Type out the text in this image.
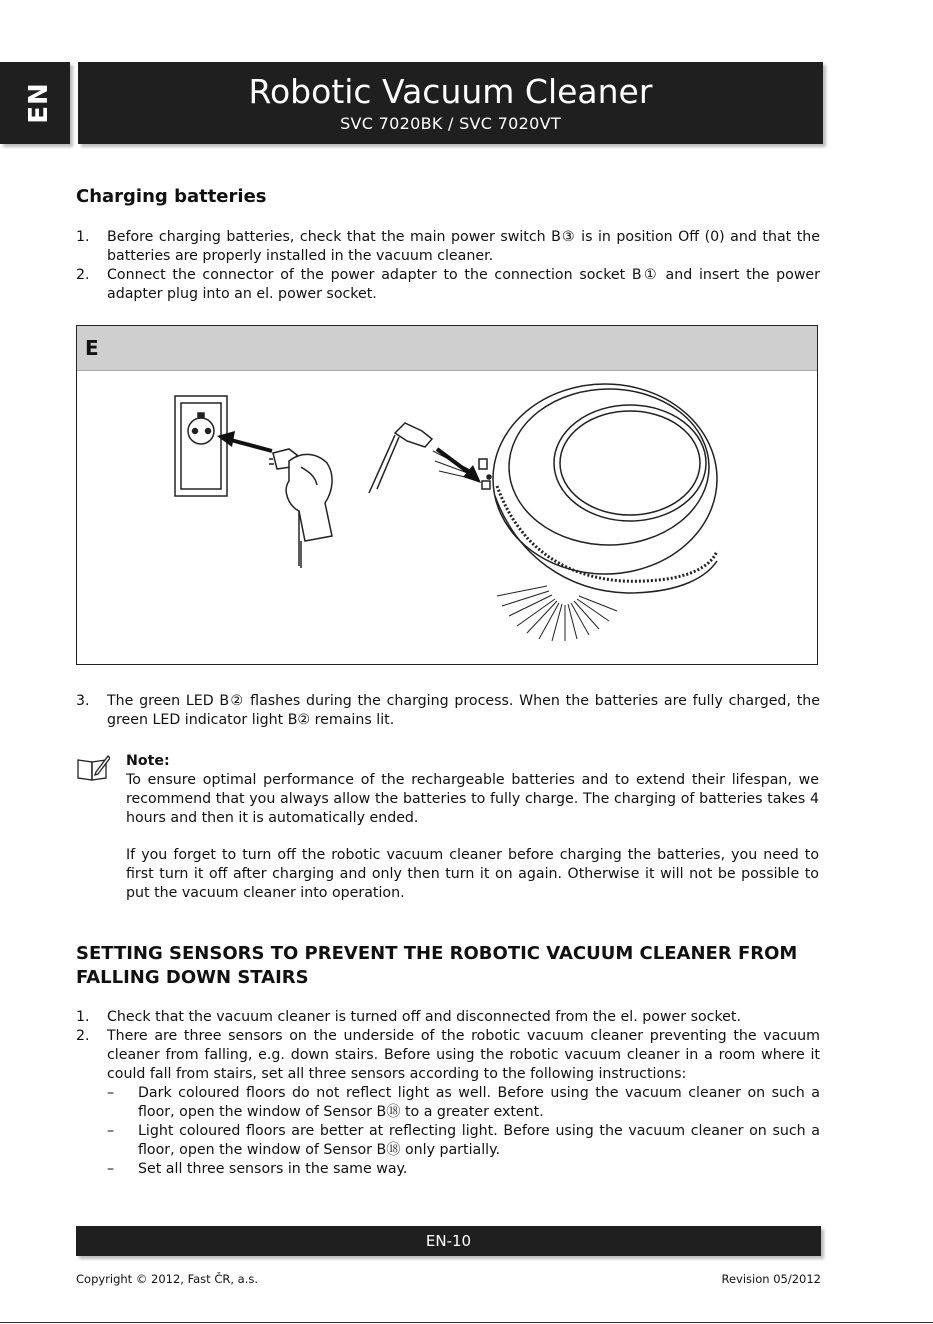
EN	Robotic Vacuum Cleaner
SVC 7020BK / SVC 7020VT
Charging batteries
1. Before charging batteries, check that the main power switch B③ is in position Off (0) and that the batteries are properly installed in the vacuum cleaner.
2. Connect the connector of the power adapter to the connection socket B① and insert the power adapter plug into an el. power socket.
E
3. The green LED B② flashes during the charging process. When the batteries are fully charged, the green LED indicator light B② remains lit.
Note:

To ensure optimal performance of the rechargeable batteries and to extend their lifespan, we recommend that you always allow the batteries to fully charge. The charging of batteries takes 4 hours and then it is automatically ended.

If you forget to turn off the robotic vacuum cleaner before charging the batteries, you need to first turn it off after charging and only then turn it on again. Otherwise it will not be possible to put the vacuum cleaner into operation.

SETTING SENSORS TO PREVENT THE ROBOTIC VACUUM CLEANER FROM FALLING DOWN STAIRS
1. Check that the vacuum cleaner is turned off and disconnected from the el. power socket.
2. There are three sensors on the underside of the robotic vacuum cleaner preventing the vacuum cleaner from falling, e.g. down stairs. Before using the robotic vacuum cleaner in a room where it could fall from stairs, set all three sensors according to the following instructions:
– Dark coloured floors do not reflect light as well. Before using the vacuum cleaner on such a floor, open the window of Sensor B⑱ to a greater extent.
– Light coloured floors are better at reflecting light. Before using the vacuum cleaner on such a floor, open the window of Sensor B⑱ only partially.
– Set all three sensors in the same way.
EN-10
Copyright © 2012, Fast ČR, a.s.	Revision 05/2012
